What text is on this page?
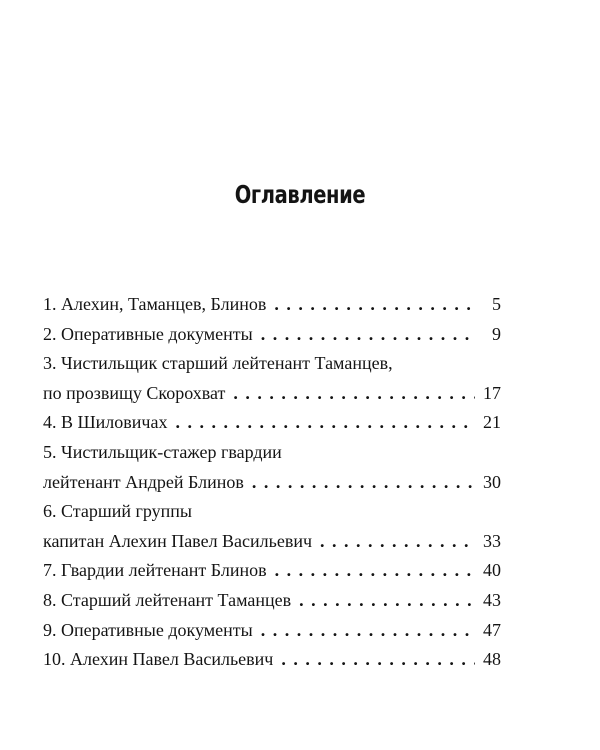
Оглавление
1. Алехин, Таманцев, Блинов . . .	5
2. Оперативные документы . . .	9
3. Чистильщик старший лейтенант Таманцев,
по прозвищу Скорохват . . .	17
4. В Шиловичах . . .	21
5. Чистильщик-стажер гвардии
лейтенант Андрей Блинов . . .	30
6. Старший группы
капитан Алехин Павел Васильевич . . .	33
7. Гвардии лейтенант Блинов . . .	40
8. Старший лейтенант Таманцев . . .	43
9. Оперативные документы . . .	47
10. Алехин Павел Васильевич . . .	48
